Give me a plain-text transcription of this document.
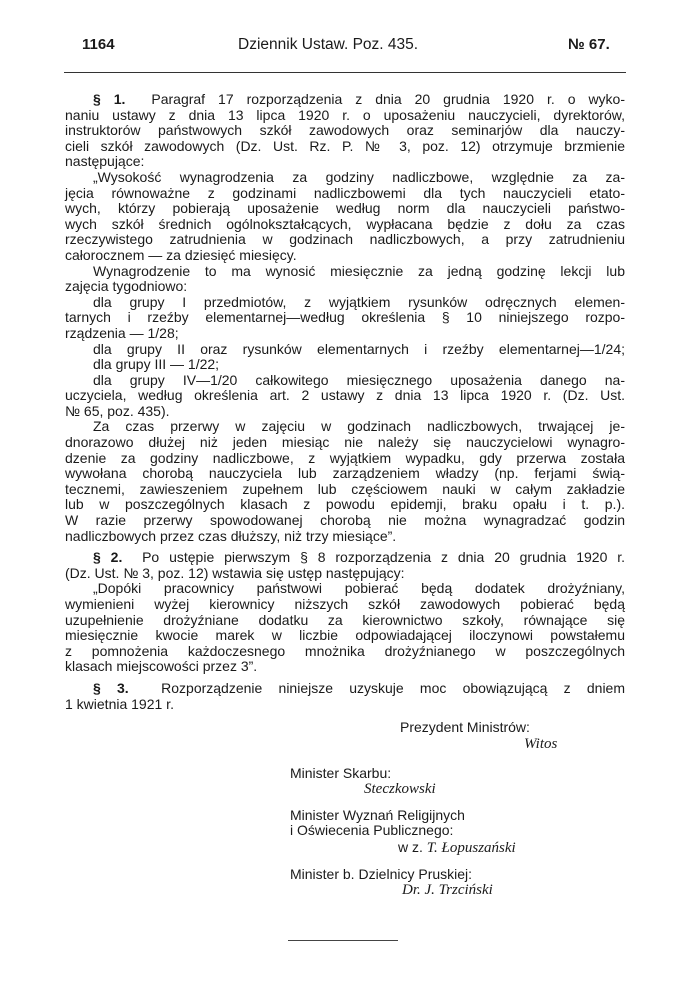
1164	Dziennik Ustaw. Poz. 435.	№ 67.
§ 1. Paragraf 17 rozporządzenia z dnia 20 grudnia 1920 r. o wyko-
naniu ustawy z dnia 13 lipca 1920 r. o uposażeniu nauczycieli, dyrektorów,
instruktorów państwowych szkół zawodowych oraz seminarjów dla nauczy-
cieli szkół zawodowych (Dz. Ust. Rz. P. № 3, poz. 12) otrzymuje brzmienie
następujące:
„Wysokość wynagrodzenia za godziny nadliczbowe, względnie za za-
jęcia równoważne z godzinami nadliczbowemi dla tych nauczycieli etato-
wych, którzy pobierają uposażenie według norm dla nauczycieli państwo-
wych szkół średnich ogólnokształcących, wypłacana będzie z dołu za czas
rzeczywistego zatrudnienia w godzinach nadliczbowych, a przy zatrudnieniu
całorocznem — za dziesięć miesięcy.
Wynagrodzenie to ma wynosić miesięcznie za jedną godzinę lekcji lub
zajęcia tygodniowo:
dla grupy I przedmiotów, z wyjątkiem rysunków odręcznych elemen-
tarnych i rzeźby elementarnej—według określenia § 10 niniejszego rozpo-
rządzenia — 1/28;
dla grupy II oraz rysunków elementarnych i rzeźby elementarnej—1/24;
dla grupy III — 1/22;
dla grupy IV—1/20 całkowitego miesięcznego uposażenia danego na-
uczyciela, według określenia art. 2 ustawy z dnia 13 lipca 1920 r. (Dz. Ust.
№ 65, poz. 435).
Za czas przerwy w zajęciu w godzinach nadliczbowych, trwającej je-
dnorazowo dłużej niż jeden miesiąc nie należy się nauczycielowi wynagro-
dzenie za godziny nadliczbowe, z wyjątkiem wypadku, gdy przerwa została
wywołana chorobą nauczyciela lub zarządzeniem władzy (np. ferjami świą-
tecznemi, zawieszeniem zupełnem lub częściowem nauki w całym zakładzie
lub w poszczególnych klasach z powodu epidemji, braku opału i t. p.).
W razie przerwy spowodowanej chorobą nie można wynagradzać godzin
nadliczbowych przez czas dłuższy, niż trzy miesiące”.
§ 2. Po ustępie pierwszym § 8 rozporządzenia z dnia 20 grudnia 1920 r.
(Dz. Ust. № 3, poz. 12) wstawia się ustęp następujący:
„Dopóki pracownicy państwowi pobierać będą dodatek drożyźniany,
wymienieni wyżej kierownicy niższych szkół zawodowych pobierać będą
uzupełnienie drożyźniane dodatku za kierownictwo szkoły, równające się
miesięcznie kwocie marek w liczbie odpowiadającej iloczynowi powstałemu
z pomnożenia każdoczesnego mnożnika drożyźnianego w poszczególnych
klasach miejscowości przez 3”.
§ 3. Rozporządzenie niniejsze uzyskuje moc obowiązującą z dniem
1 kwietnia 1921 r.
Prezydent Ministrów:
Witos
Minister Skarbu:
Steczkowski
Minister Wyznań Religijnych
i Oświecenia Publicznego:
w z. T. Łopuszański
Minister b. Dzielnicy Pruskiej:
Dr. J. Trzciński
